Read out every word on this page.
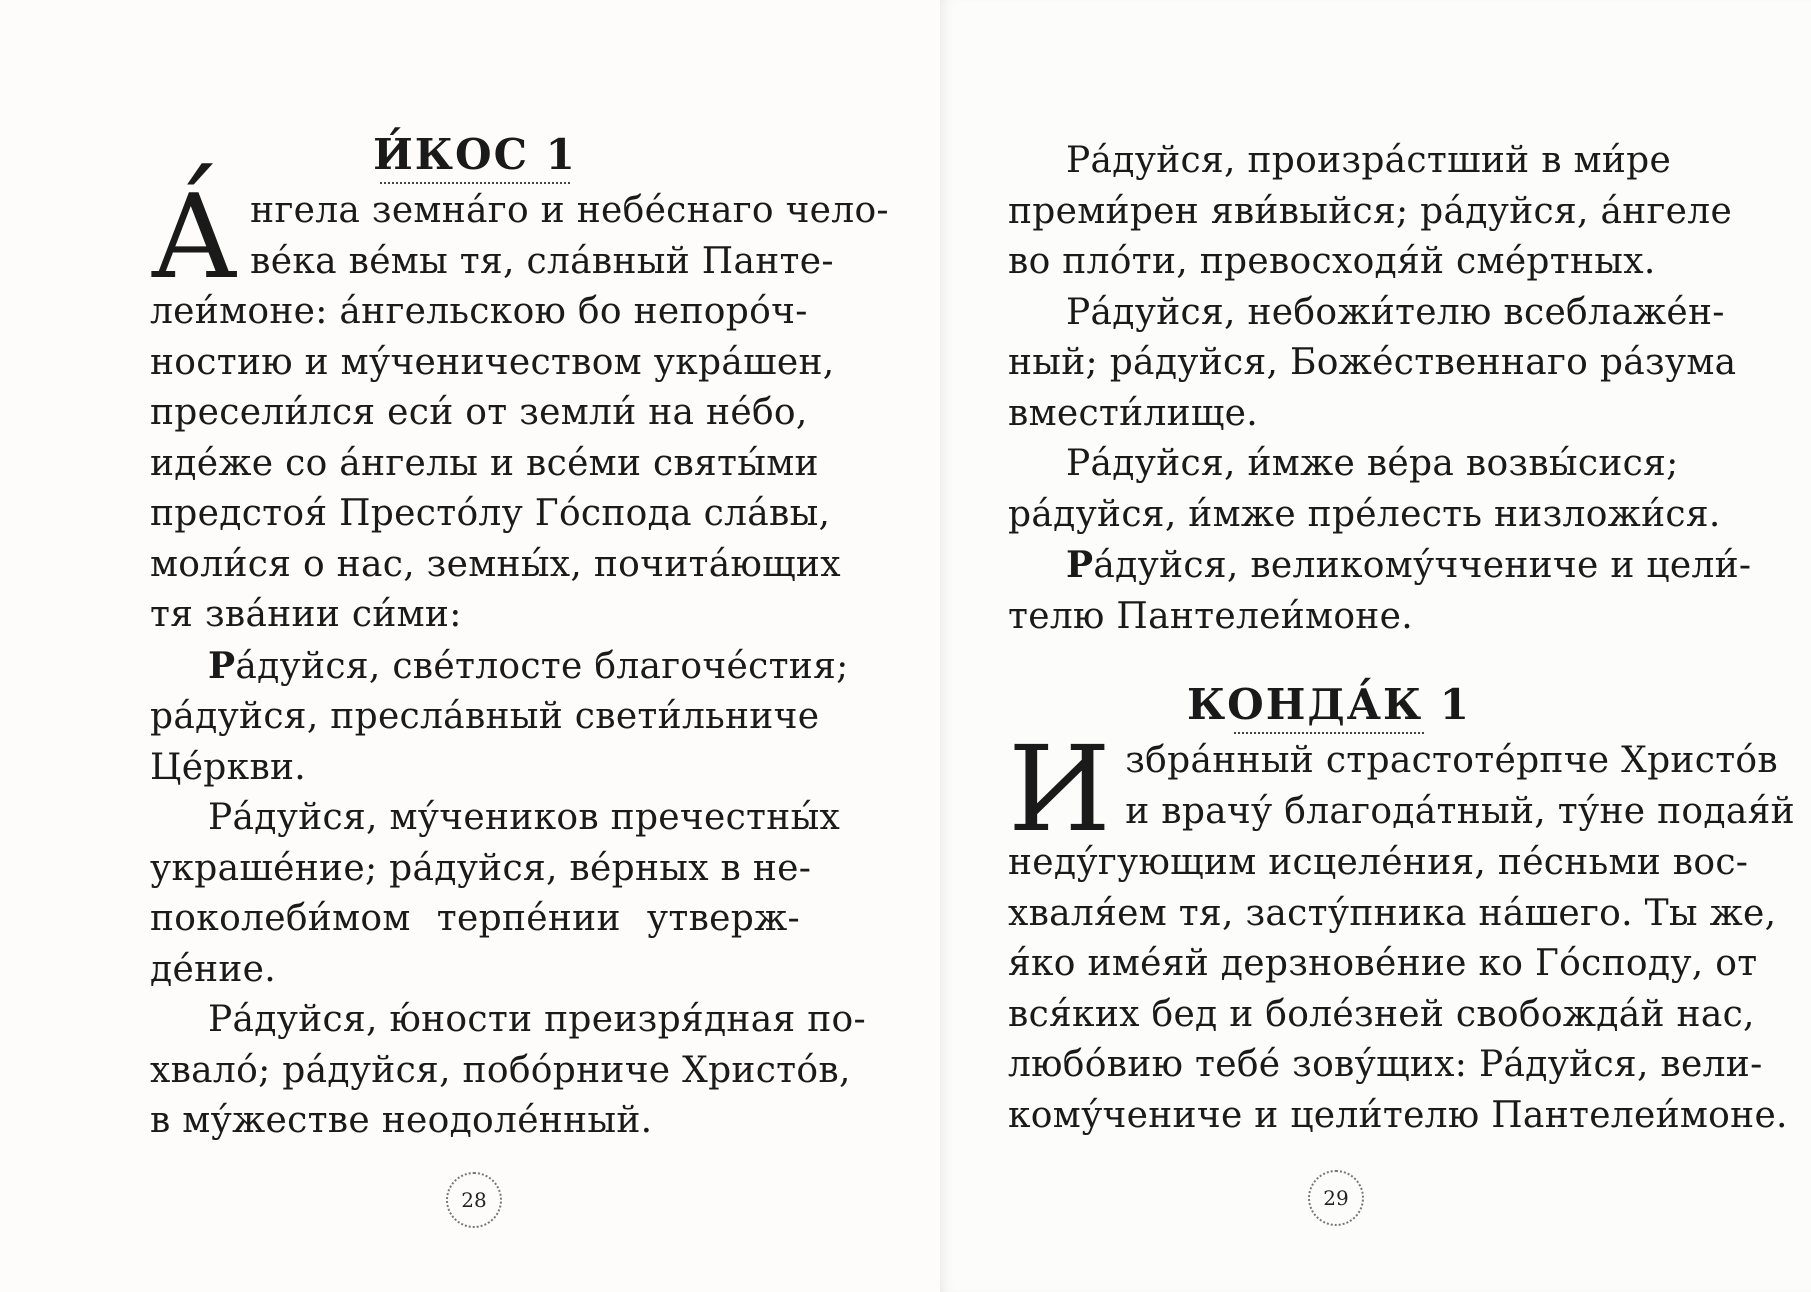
И́КОС 1
А́ нгела земна́го и небе́снаго чело-
ве́ка ве́мы тя, сла́вный Панте-
леи́моне: а́нгельскою бо непоро́ч-
ностию и му́ченичеством укра́шен,
пресели́лся еси́ от земли́ на не́бо,
иде́же со а́нгелы и все́ми святы́ми
предстоя́ Престо́лу Го́спода сла́вы,
моли́ся о нас, земны́х, почита́ющих
тя зва́нии си́ми:
Ра́дуйся, све́тлосте благоче́стия;
ра́дуйся, пресла́вный свети́льниче
Це́ркви.
Ра́дуйся, му́чеников пречестны́х
украше́ние; ра́дуйся, ве́рных в не-
поколеби́мом терпе́нии утверж-
де́ние.
Ра́дуйся, ю́ности преизря́дная по-
хвало́; ра́дуйся, побо́рниче Христо́в,
в му́жестве неодоле́нный.
28
Ра́дуйся, произра́стший в ми́ре
преми́рен яви́выйся; ра́дуйся, а́нгеле
во пло́ти, превосходя́й сме́ртных.
Ра́дуйся, небожи́телю всеблаже́н-
ный; ра́дуйся, Боже́ственнаго ра́зума
вмести́лище.
Ра́дуйся, и́мже ве́ра возвы́сися;
ра́дуйся, и́мже пре́лесть низложи́ся.
Ра́дуйся, великому́ччениче и цели́-
телю Пантелеи́моне.
КОНДА́К 1
И збра́нный страстоте́рпче Христо́в
и врачу́ благода́тный, ту́не подая́й
неду́гующим исцеле́ния, пе́сньми вос-
хваля́ем тя, засту́пника на́шего. Ты же,
я́ко име́яй дерзнове́ние ко Го́споду, от
вся́ких бед и боле́зней свобожда́й нас,
любо́вию тебе́ зову́щих: Ра́дуйся, вели-
кому́чениче и цели́телю Пантелеи́моне.
29
